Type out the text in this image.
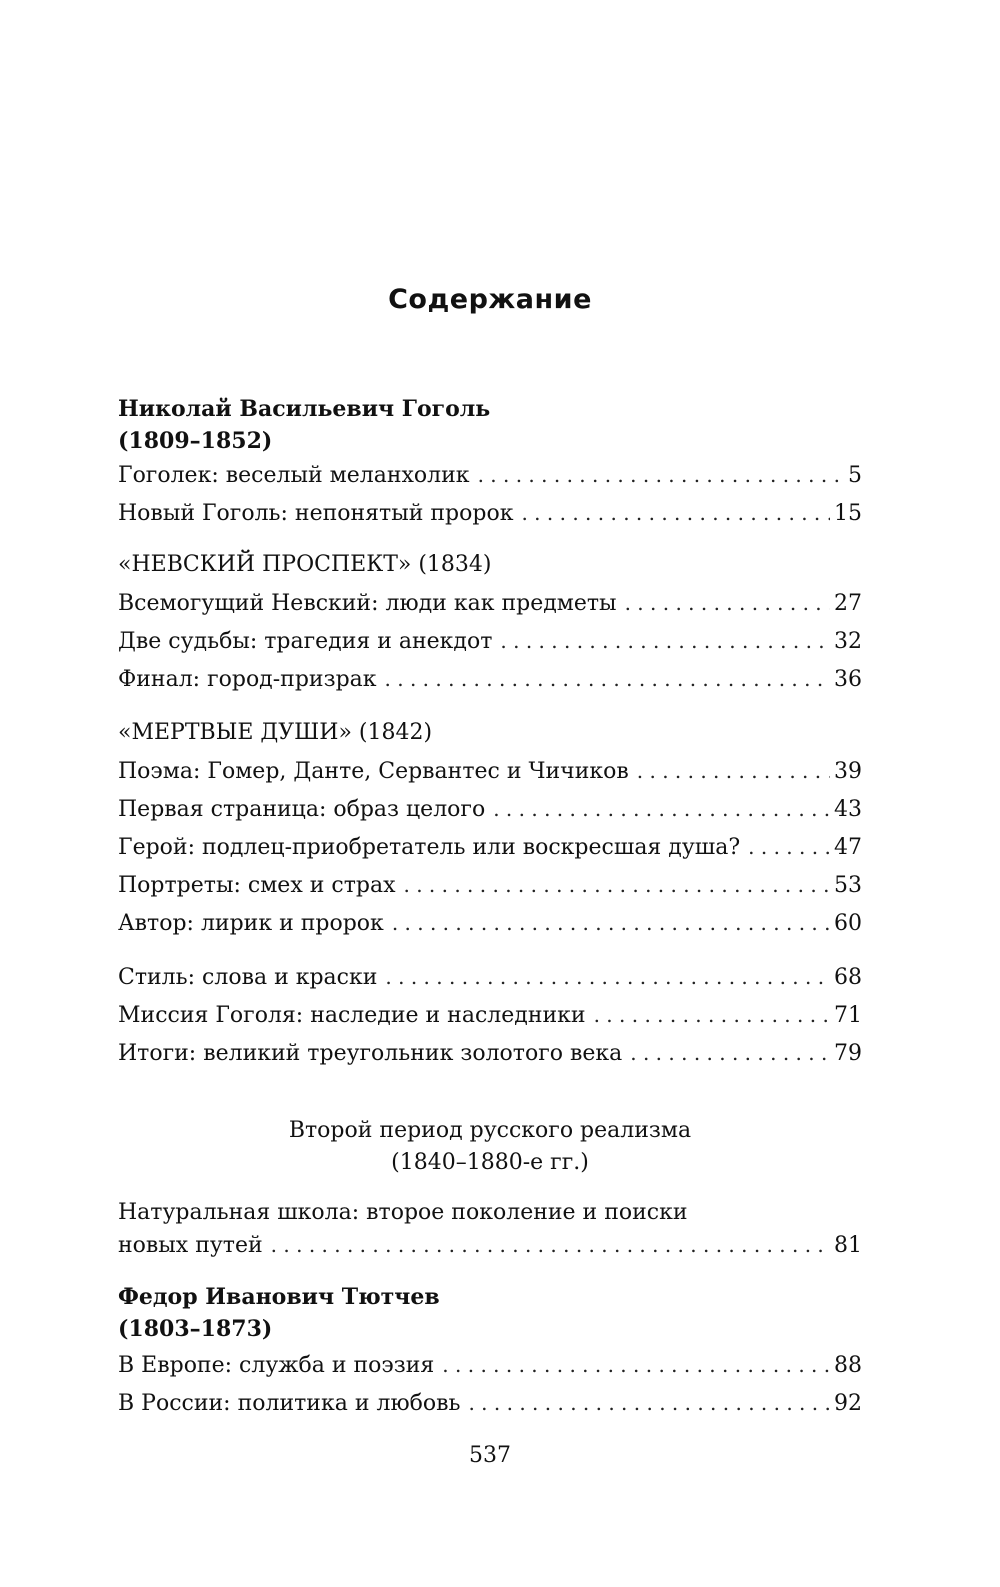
Содержание
Николай Васильевич Гоголь
(1809–1852)
Гоголек: веселый меланхолик . . .	5
Новый Гоголь: непонятый пророк . . .	15
«НЕВСКИЙ ПРОСПЕКТ» (1834)
Всемогущий Невский: люди как предметы . . .	27
Две судьбы: трагедия и анекдот . . .	32
Финал: город-призрак . . .	36
«МЕРТВЫЕ ДУШИ» (1842)
Поэма: Гомер, Данте, Сервантес и Чичиков . . .	39
Первая страница: образ целого . . .	43
Герой: подлец-приобретатель или воскресшая душа? . . .	47
Портреты: смех и страх . . .	53
Автор: лирик и пророк . . .	60
Стиль: слова и краски . . .	68
Миссия Гоголя: наследие и наследники . . .	71
Итоги: великий треугольник золотого века . . .	79
Второй период русского реализма
(1840–1880-е гг.)
Натуральная школа: второе поколение и поиски
новых путей . . .	81
Федор Иванович Тютчев
(1803–1873)
В Европе: служба и поэзия . . .	88
В России: политика и любовь . . .	92
537
